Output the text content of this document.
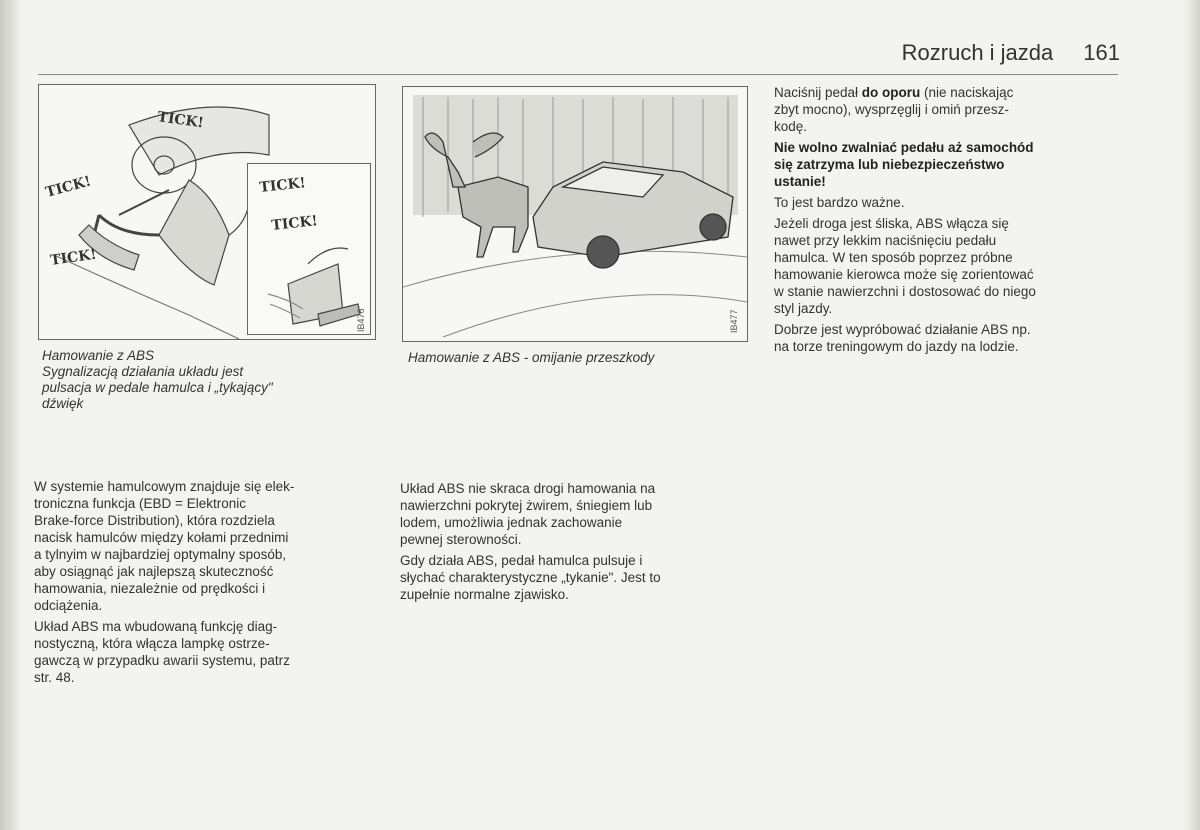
Rozruch i jazda 161
TICK!
TICK!
TICK!
TICK!
TICK!
IB476
Hamowanie z ABS
Sygnalizacją działania układu jest
pulsacja w pedale hamulca i „tykający"
dźwięk
IB477
Hamowanie z ABS - omijanie przeszkody

W systemie hamulcowym znajduje się elek-
troniczna funkcja (EBD = Elektronic
Brake-force Distribution), która rozdziela
nacisk hamulców między kołami przednimi
a tylnyim w najbardziej optymalny sposób,
aby osiągnąć jak najlepszą skuteczność
hamowania, niezależnie od prędkości i
odciążenia.

Układ ABS ma wbudowaną funkcję diag-
nostyczną, która włącza lampkę ostrze-
gawczą w przypadku awarii systemu, patrz
str. 48.

Układ ABS nie skraca drogi hamowania na
nawierzchni pokrytej żwirem, śniegiem lub
lodem, umożliwia jednak zachowanie
pewnej sterowności.

Gdy działa ABS, pedał hamulca pulsuje i
słychać charakterystyczne „tykanie". Jest to
zupełnie normalne zjawisko.

Naciśnij pedał do oporu (nie naciskając
zbyt mocno), wysprzęglij i omiń przesz-
kodę.

Nie wolno zwalniać pedału aż samochód
się zatrzyma lub niebezpieczeństwo
ustanie!

To jest bardzo ważne.

Jeżeli droga jest śliska, ABS włącza się
nawet przy lekkim naciśnięciu pedału
hamulca. W ten sposób poprzez próbne
hamowanie kierowca może się zorientować
w stanie nawierzchni i dostosować do niego
styl jazdy.

Dobrze jest wypróbować działanie ABS np.
na torze treningowym do jazdy na lodzie.
